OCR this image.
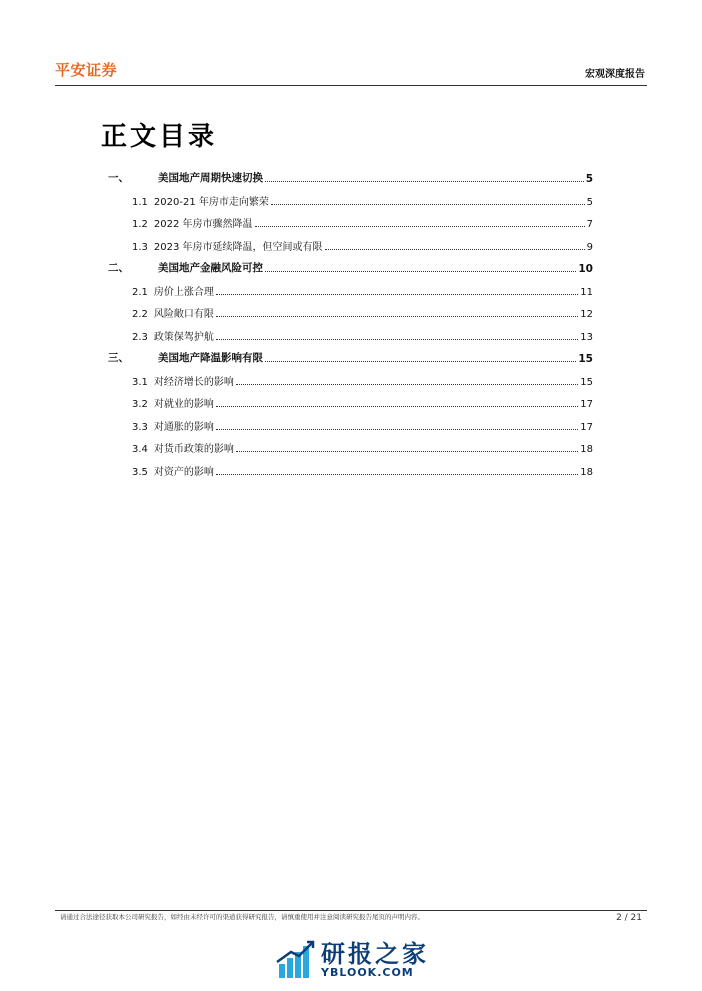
平安证券	宏观深度报告
正文目录
一、	美国地产周期快速切换	5
1.1 2020-21 年房市走向繁荣	5
1.2 2022 年房市骤然降温	7
1.3 2023 年房市延续降温，但空间或有限	9
二、	美国地产金融风险可控	10
2.1 房价上涨合理	11
2.2 风险敞口有限	12
2.3 政策保驾护航	13
三、	美国地产降温影响有限	15
3.1 对经济增长的影响	15
3.2 对就业的影响	17
3.3 对通胀的影响	17
3.4 对货币政策的影响	18
3.5 对资产的影响	18
请通过合法途径获取本公司研究报告，如经由未经许可的渠道获得研究报告，请慎重使用并注意阅读研究报告尾页的声明内容。	2 / 21
研报之家
YBLOOK.COM
